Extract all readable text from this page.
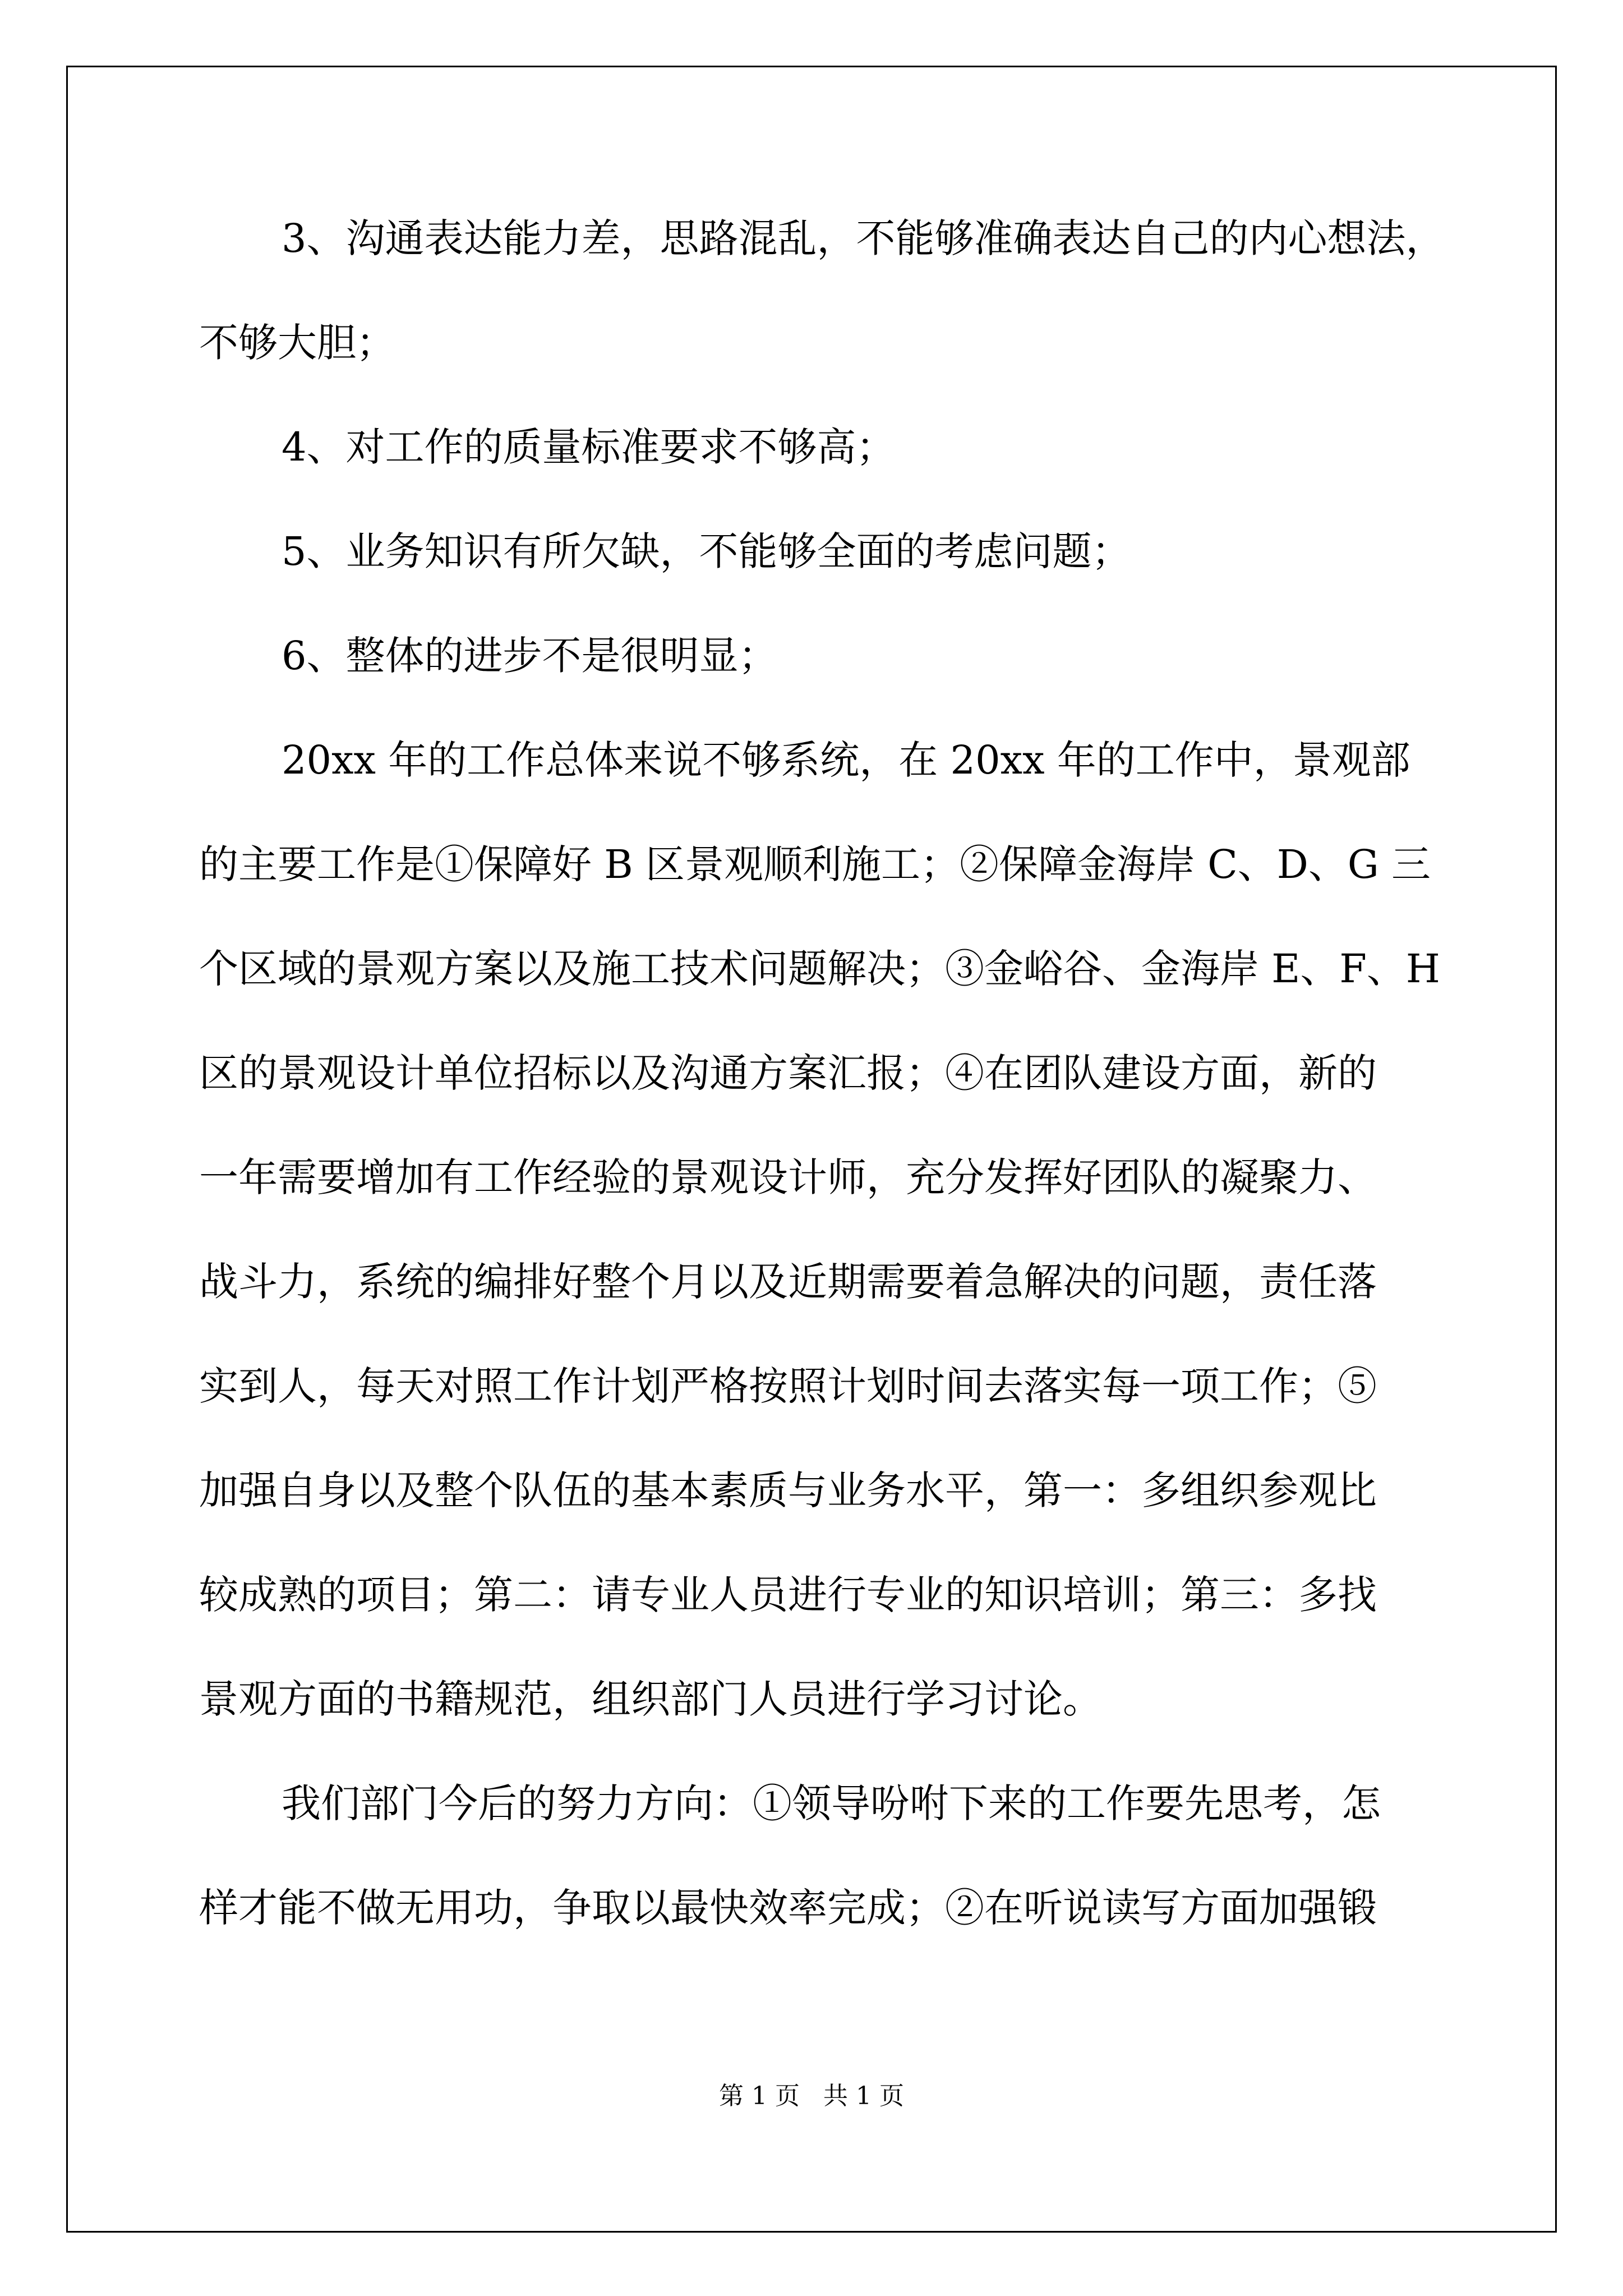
3、沟通表达能力差，思路混乱，不能够准确表达自己的内心想法，
不够大胆；
4、对工作的质量标准要求不够高；
5、业务知识有所欠缺，不能够全面的考虑问题；
6、整体的进步不是很明显；
20xx 年的工作总体来说不够系统，在 20xx 年的工作中，景观部
的主要工作是①保障好 B 区景观顺利施工；②保障金海岸 C、D、G 三
个区域的景观方案以及施工技术问题解决；③金峪谷、金海岸 E、F、H
区的景观设计单位招标以及沟通方案汇报；④在团队建设方面，新的
一年需要增加有工作经验的景观设计师，充分发挥好团队的凝聚力、
战斗力，系统的编排好整个月以及近期需要着急解决的问题，责任落
实到人，每天对照工作计划严格按照计划时间去落实每一项工作；⑤
加强自身以及整个队伍的基本素质与业务水平，第一：多组织参观比
较成熟的项目；第二：请专业人员进行专业的知识培训；第三：多找
景观方面的书籍规范，组织部门人员进行学习讨论。
我们部门今后的努力方向：①领导吩咐下来的工作要先思考，怎
样才能不做无用功，争取以最快效率完成；②在听说读写方面加强锻
第 1 页   共 1 页
